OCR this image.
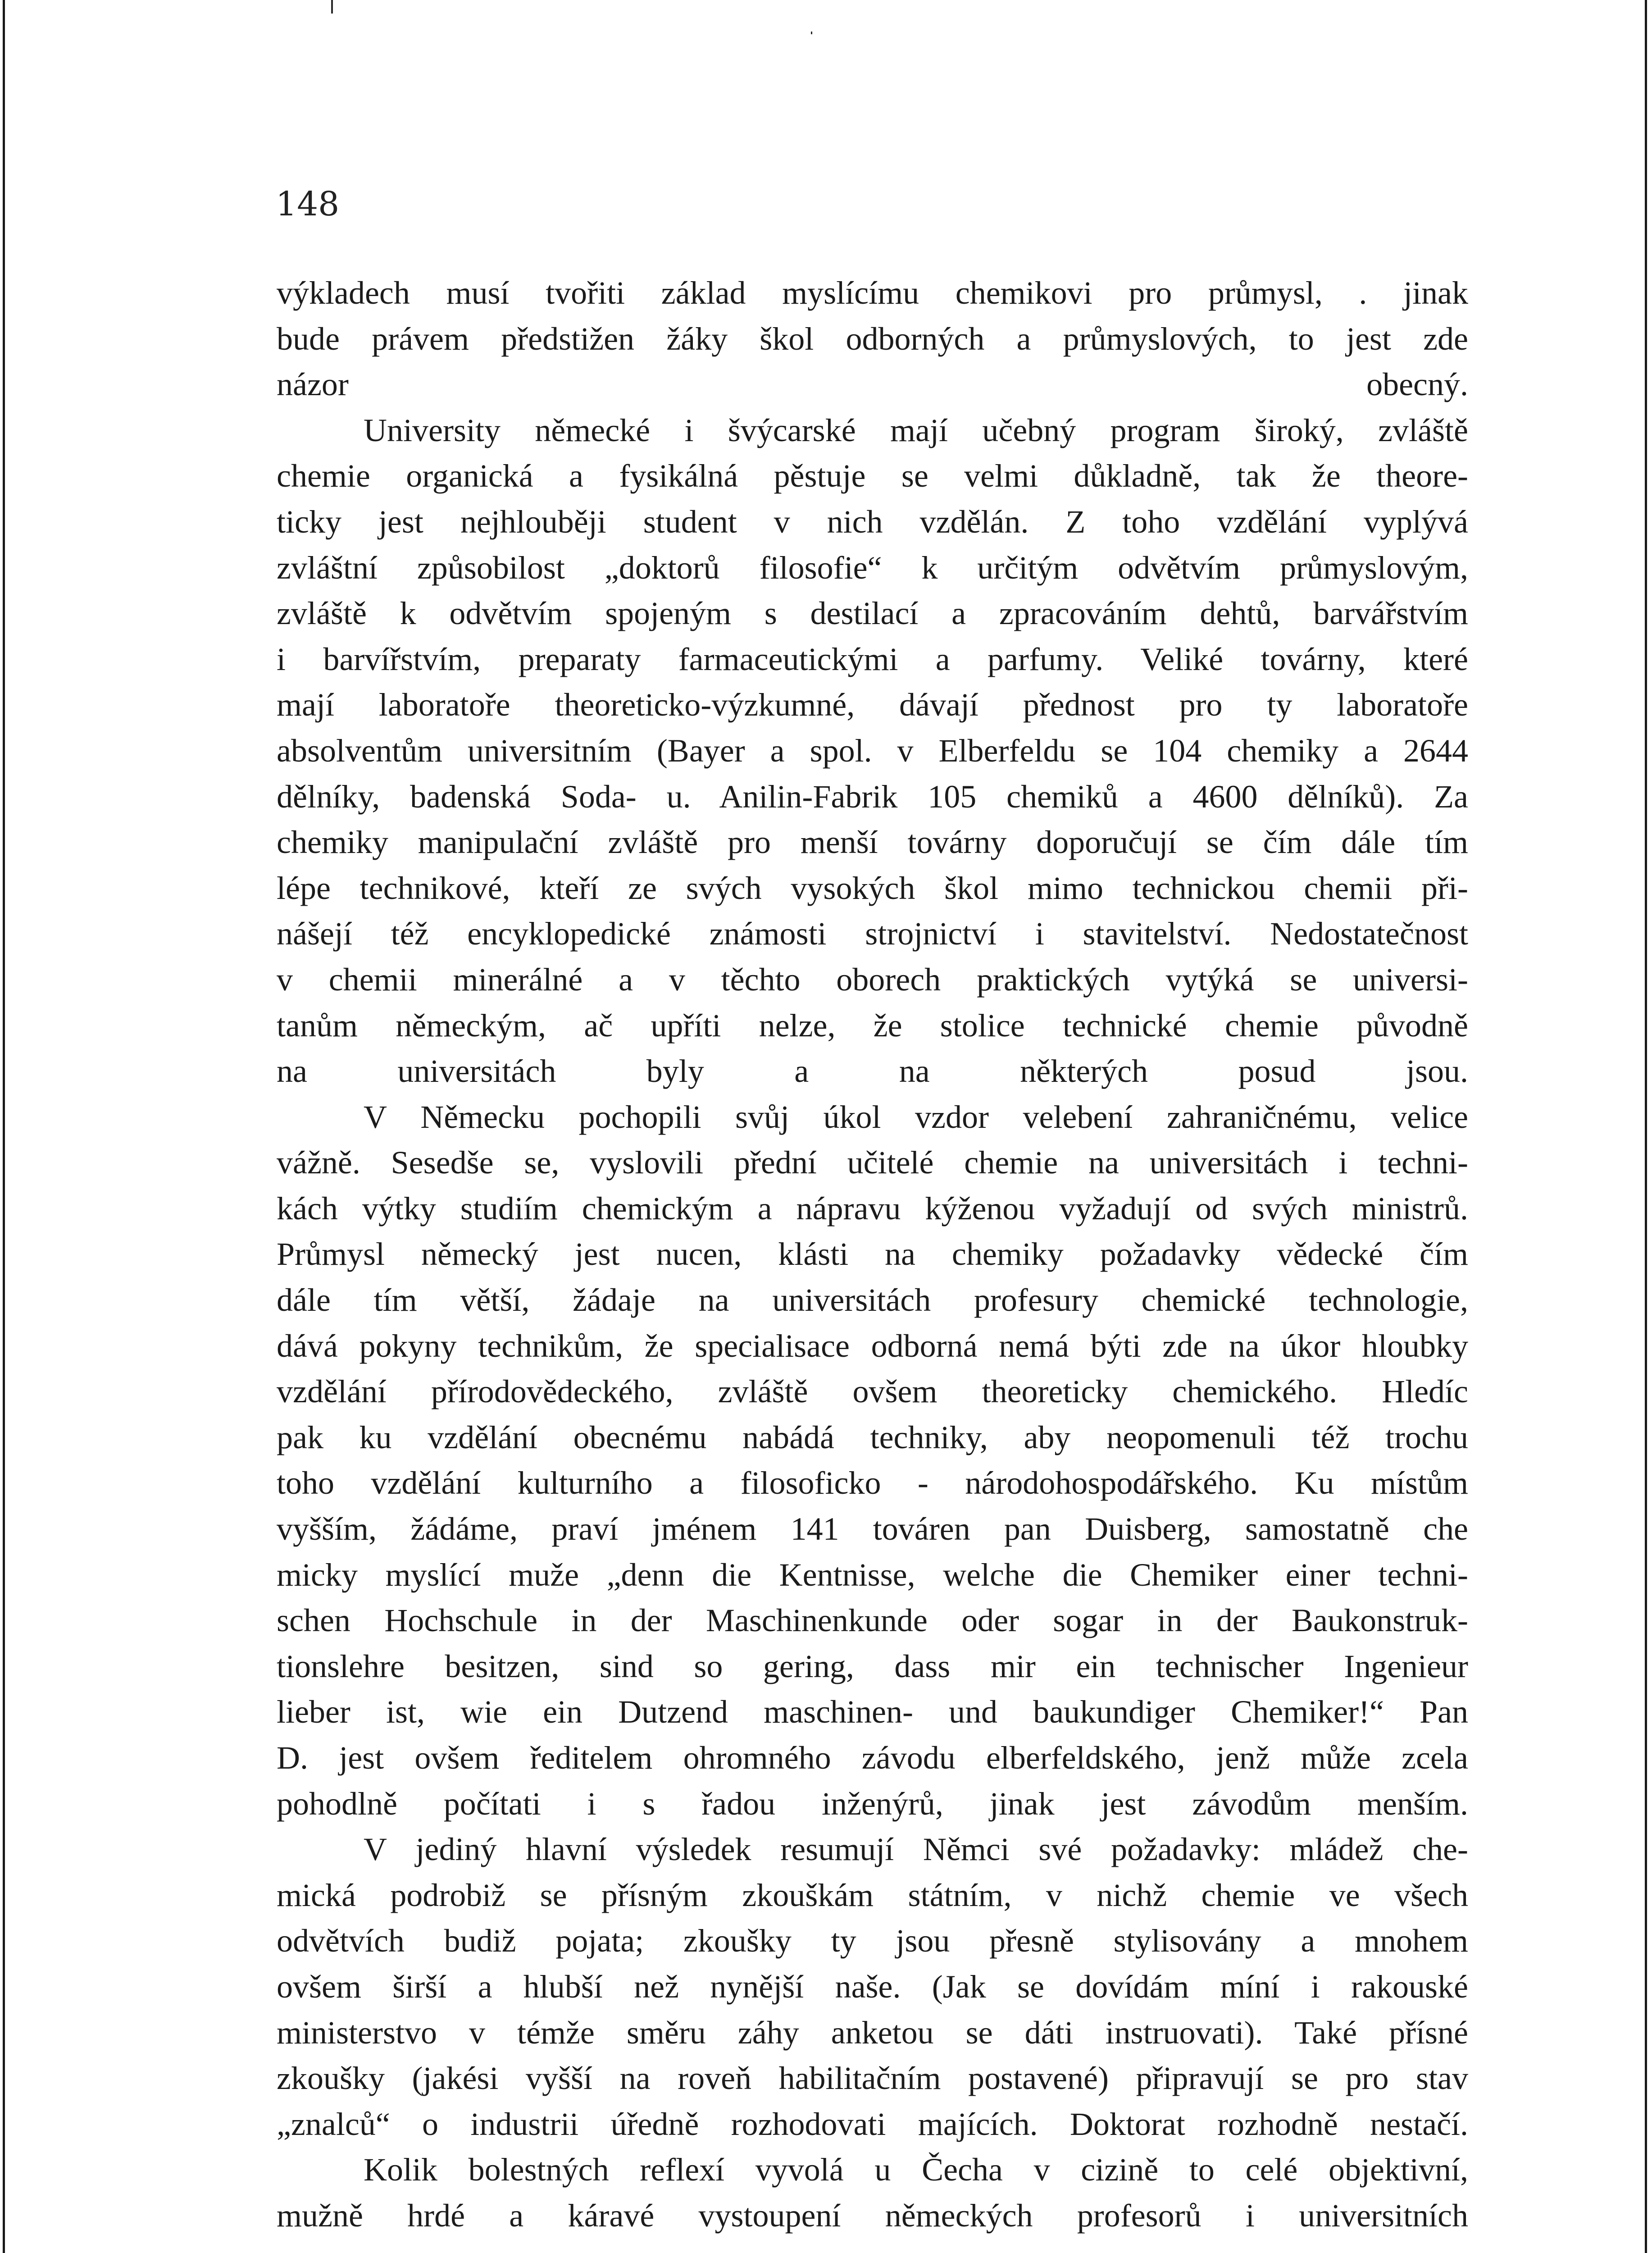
148

výkladech musí tvořiti základ myslícímu chemikovi pro průmysl, . jinak
bude právem předstižen žáky škol odborných a průmyslových, to jest zde
názor obecný.

University německé i švýcarské mají učebný program široký, zvláště
chemie organická a fysikálná pěstuje se velmi důkladně, tak že theore-
ticky jest nejhlouběji student v nich vzdělán. Z toho vzdělání vyplývá
zvláštní způsobilost „doktorů filosofie“ k určitým odvětvím průmyslovým,
zvláště k odvětvím spojeným s destilací a zpracováním dehtů, barvářstvím
i barvířstvím, preparaty farmaceutickými a parfumy. Veliké továrny, které
mají laboratoře theoreticko-výzkumné, dávají přednost pro ty laboratoře
absolventům universitním (Bayer a spol. v Elberfeldu se 104 chemiky a 2644
dělníky, badenská Soda- u. Anilin-Fabrik 105 chemiků a 4600 dělníků). Za
chemiky manipulační zvláště pro menší továrny doporučují se čím dále tím
lépe technikové, kteří ze svých vysokých škol mimo technickou chemii při-
nášejí též encyklopedické známosti strojnictví i stavitelství. Nedostatečnost
v chemii minerálné a v těchto oborech praktických vytýká se universi-
tanům německým, ač upříti nelze, že stolice technické chemie původně
na universitách byly a na některých posud jsou.

V Německu pochopili svůj úkol vzdor velebení zahraničnému, velice
vážně. Sesedše se, vyslovili přední učitelé chemie na universitách i techni-
kách výtky studiím chemickým a nápravu kýženou vyžadují od svých ministrů.
Průmysl německý jest nucen, klásti na chemiky požadavky vědecké čím
dále tím větší, žádaje na universitách profesury chemické technologie,
dává pokyny technikům, že specialisace odborná nemá býti zde na úkor hloubky
vzdělání přírodovědeckého, zvláště ovšem theoreticky chemického. Hledíc
pak ku vzdělání obecnému nabádá techniky, aby neopomenuli též trochu
toho vzdělání kulturního a filosoficko - národohospodářského. Ku místům
vyšším, žádáme, praví jménem 141 továren pan Duisberg, samostatně che
micky myslící muže „denn die Kentnisse, welche die Chemiker einer techni-
schen Hochschule in der Maschinenkunde oder sogar in der Baukonstruk-
tionslehre besitzen, sind so gering, dass mir ein technischer Ingenieur
lieber ist, wie ein Dutzend maschinen- und baukundiger Chemiker!“ Pan
D. jest ovšem ředitelem ohromného závodu elberfeldského, jenž může zcela
pohodlně počítati i s řadou inženýrů, jinak jest závodům menším.

V jediný hlavní výsledek resumují Němci své požadavky: mládež che-
mická podrobiž se přísným zkouškám státním, v nichž chemie ve všech
odvětvích budiž pojata; zkoušky ty jsou přesně stylisovány a mnohem
ovšem širší a hlubší než nynější naše. (Jak se dovídám míní i rakouské
ministerstvo v témže směru záhy anketou se dáti instruovati). Také přísné
zkoušky (jakési vyšší na roveň habilitačním postavené) připravují se pro stav
„znalců“ o industrii úředně rozhodovati majících. Doktorat rozhodně nestačí.

Kolik bolestných reflexí vyvolá u Čecha v cizině to celé objektivní,
mužně hrdé a káravé vystoupení německých profesorů i universitních
